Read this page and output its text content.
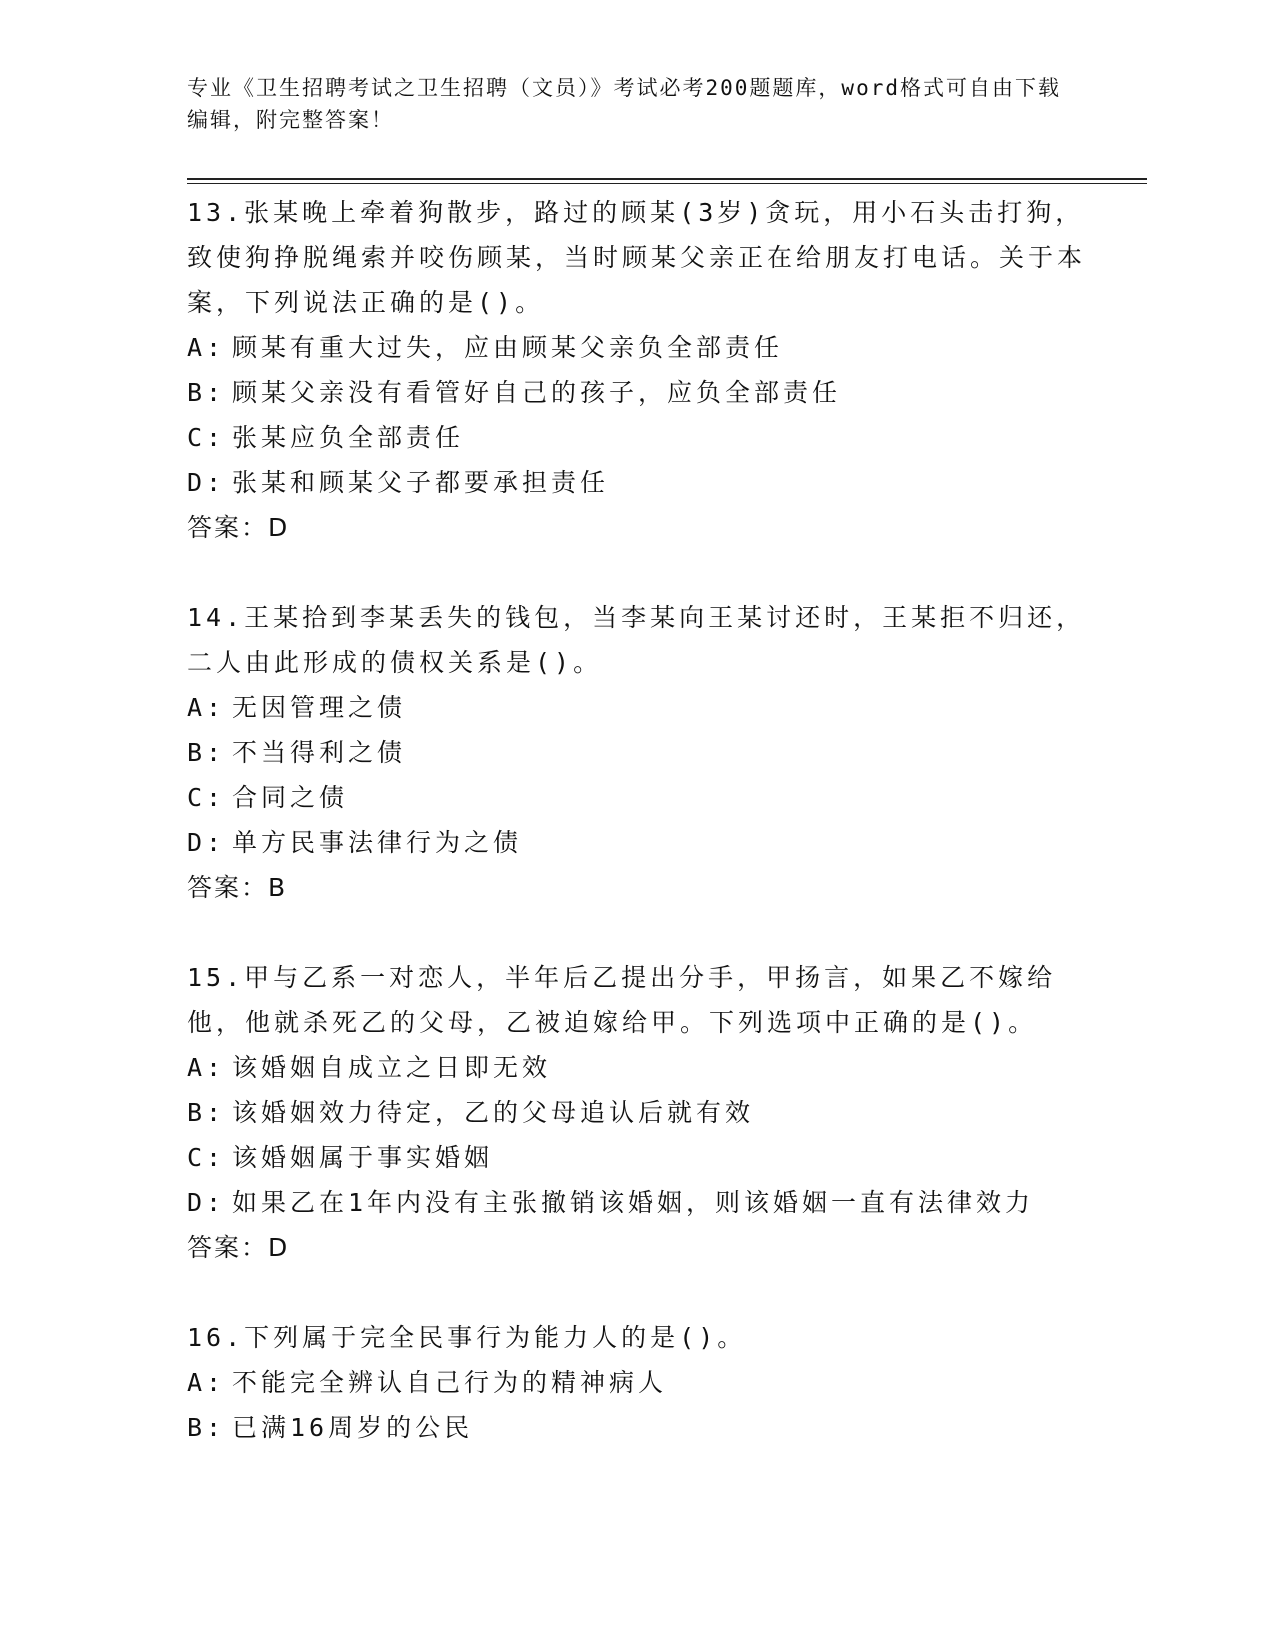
专业《卫生招聘考试之卫生招聘（文员）》考试必考200题题库，word格式可自由下载编辑，附完整答案！
13.张某晚上牵着狗散步，路过的顾某(3岁)贪玩，用小石头击打狗，致使狗挣脱绳索并咬伤顾某，当时顾某父亲正在给朋友打电话。关于本案，下列说法正确的是()。
A: 顾某有重大过失，应由顾某父亲负全部责任
B: 顾某父亲没有看管好自己的孩子，应负全部责任
C: 张某应负全部责任
D: 张某和顾某父子都要承担责任
答案：D
14.王某拾到李某丢失的钱包，当李某向王某讨还时，王某拒不归还，二人由此形成的债权关系是()。
A: 无因管理之债
B: 不当得利之债
C: 合同之债
D: 单方民事法律行为之债
答案：B
15.甲与乙系一对恋人，半年后乙提出分手，甲扬言，如果乙不嫁给他，他就杀死乙的父母，乙被迫嫁给甲。下列选项中正确的是()。
A: 该婚姻自成立之日即无效
B: 该婚姻效力待定，乙的父母追认后就有效
C: 该婚姻属于事实婚姻
D: 如果乙在1年内没有主张撤销该婚姻，则该婚姻一直有法律效力
答案：D
16.下列属于完全民事行为能力人的是()。
A: 不能完全辨认自己行为的精神病人
B: 已满16周岁的公民
